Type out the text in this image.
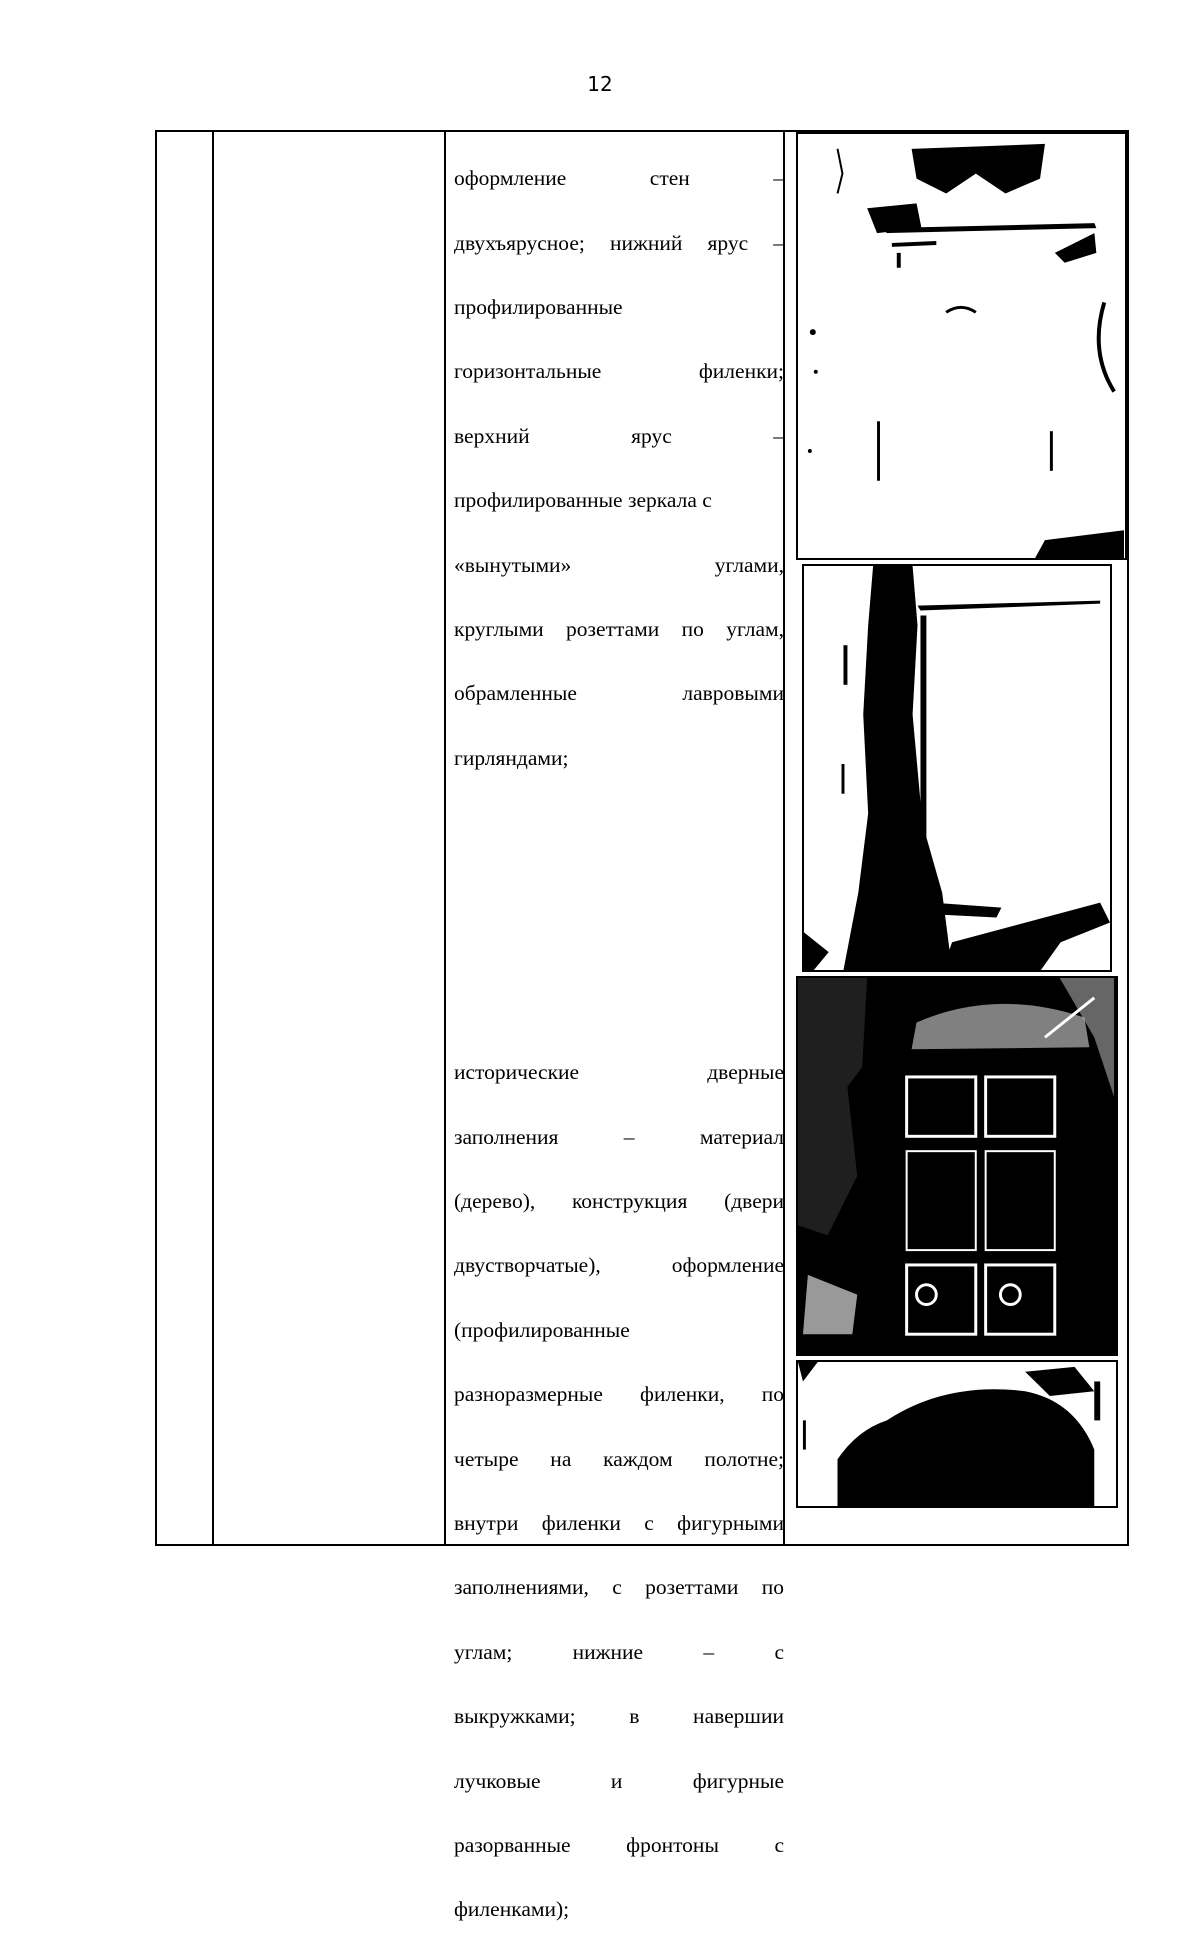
12

оформление стен –

двухъярусное; нижний ярус –

профилированные

горизонтальные филенки;

верхний ярус –

профилированные зеркала с

«вынутыми» углами,

круглыми розеттами по углам,

обрамленные лавровыми

гирляндами;

исторические дверные

заполнения – материал

(дерево), конструкция (двери

двустворчатые), оформление

(профилированные

разноразмерные филенки, по

четыре на каждом полотне;

внутри филенки с фигурными

заполнениями, с розеттами по

углам; нижние – с

выкружками; в навершии

лучковые и фигурные

разорванные фронтоны с

филенками);
